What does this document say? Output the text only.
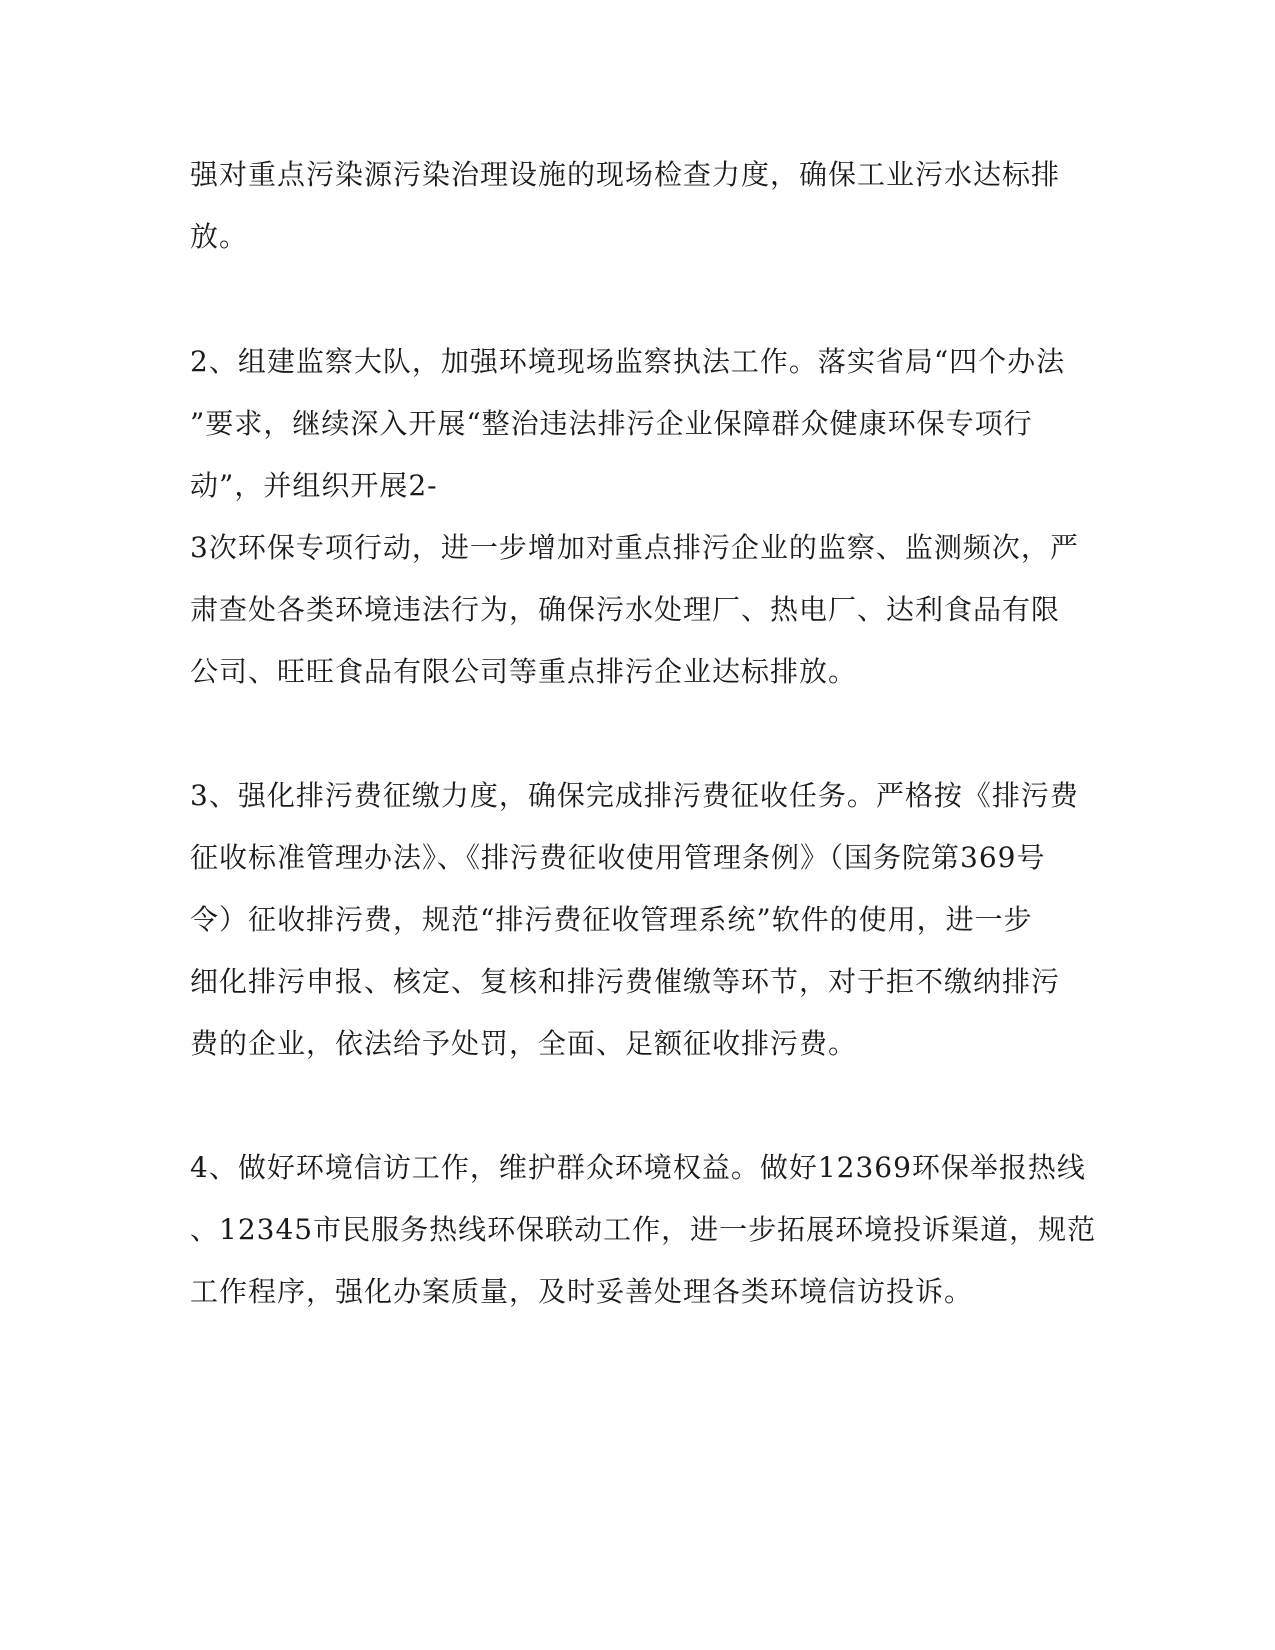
强对重点污染源污染治理设施的现场检查力度，确保工业污水达标排
放。
2、组建监察大队，加强环境现场监察执法工作。落实省局“四个办法
”要求，继续深入开展“整治违法排污企业保障群众健康环保专项行
动”，并组织开展2-
3次环保专项行动，进一步增加对重点排污企业的监察、监测频次，严
肃查处各类环境违法行为，确保污水处理厂、热电厂、达利食品有限
公司、旺旺食品有限公司等重点排污企业达标排放。
3、强化排污费征缴力度，确保完成排污费征收任务。严格按《排污费
征收标准管理办法》、《排污费征收使用管理条例》（国务院第369号
令）征收排污费，规范“排污费征收管理系统”软件的使用，进一步
细化排污申报、核定、复核和排污费催缴等环节，对于拒不缴纳排污
费的企业，依法给予处罚，全面、足额征收排污费。
4、做好环境信访工作，维护群众环境权益。做好12369环保举报热线
、12345市民服务热线环保联动工作，进一步拓展环境投诉渠道，规范
工作程序，强化办案质量，及时妥善处理各类环境信访投诉。
